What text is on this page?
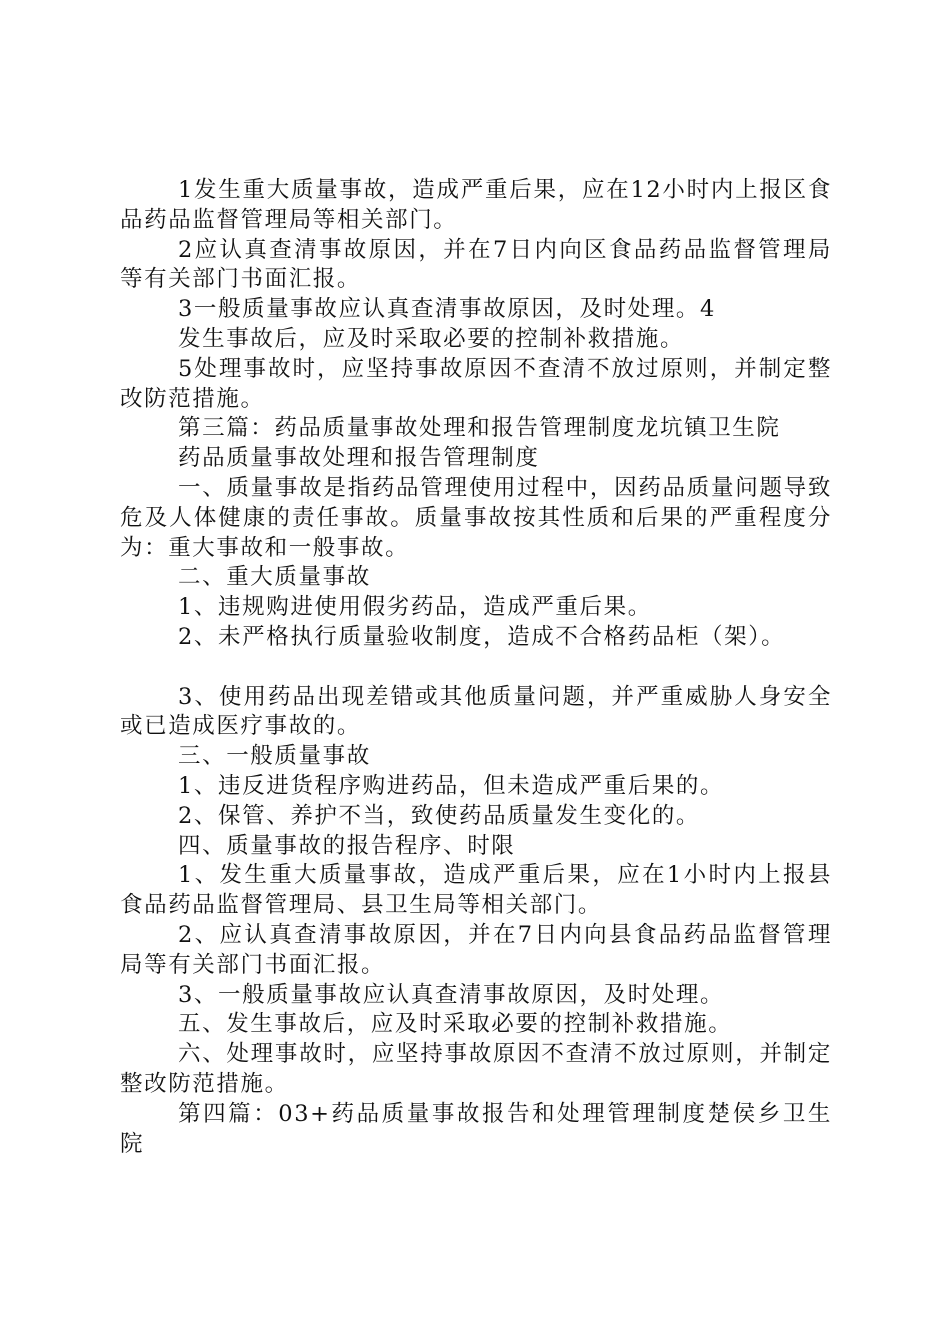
1发生重大质量事故，造成严重后果，应在12小时内上报区食品药品监督管理局等相关部门。

2应认真查清事故原因，并在7日内向区食品药品监督管理局等有关部门书面汇报。

3一般质量事故应认真查清事故原因，及时处理。4

发生事故后，应及时采取必要的控制补救措施。

5处理事故时，应坚持事故原因不查清不放过原则，并制定整改防范措施。

第三篇：药品质量事故处理和报告管理制度龙坑镇卫生院

药品质量事故处理和报告管理制度

一、质量事故是指药品管理使用过程中，因药品质量问题导致危及人体健康的责任事故。质量事故按其性质和后果的严重程度分为：重大事故和一般事故。

二、重大质量事故

1、违规购进使用假劣药品，造成严重后果。

2、未严格执行质量验收制度，造成不合格药品柜（架）。

3、使用药品出现差错或其他质量问题，并严重威胁人身安全或已造成医疗事故的。

三、一般质量事故

1、违反进货程序购进药品，但未造成严重后果的。

2、保管、养护不当，致使药品质量发生变化的。

四、质量事故的报告程序、时限

1、发生重大质量事故，造成严重后果，应在1小时内上报县食品药品监督管理局、县卫生局等相关部门。

2、应认真查清事故原因，并在7日内向县食品药品监督管理局等有关部门书面汇报。

3、一般质量事故应认真查清事故原因，及时处理。

五、发生事故后，应及时采取必要的控制补救措施。

六、处理事故时，应坚持事故原因不查清不放过原则，并制定整改防范措施。

第四篇：03+药品质量事故报告和处理管理制度楚侯乡卫生院
